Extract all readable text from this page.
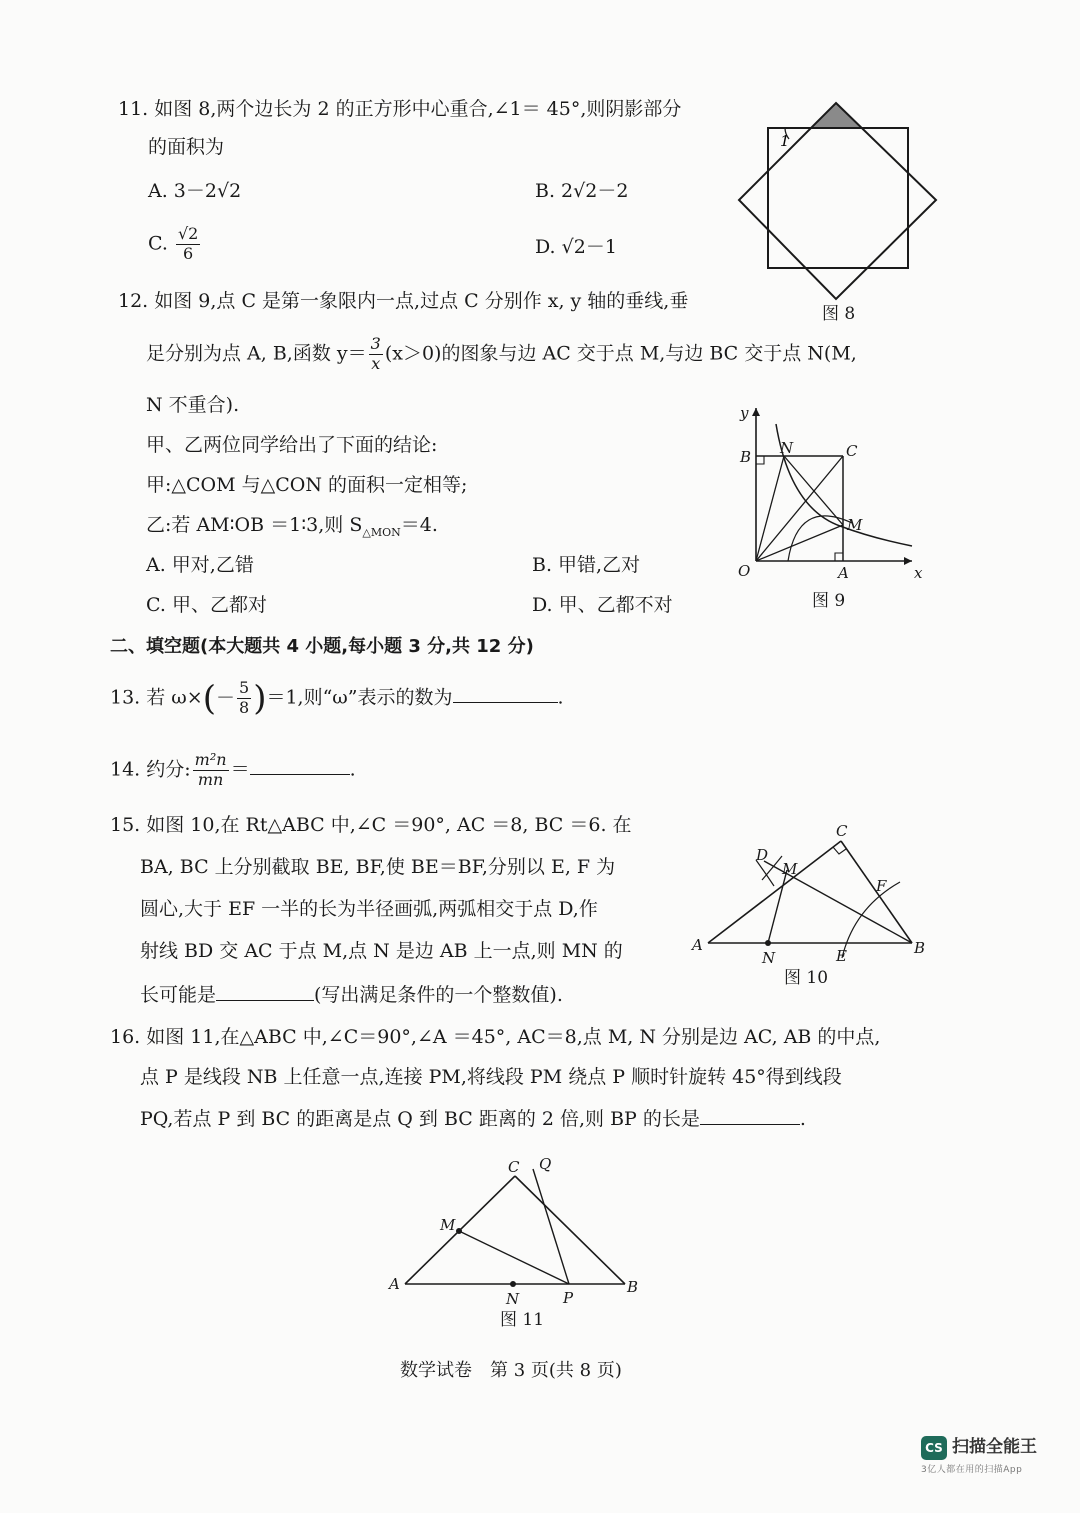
11. 如图 8,两个边长为 2 的正方形中心重合,∠1＝ 45°,则阴影部分
的面积为
A. 3－2√2	B. 2√2－2
C. $\frac{√2}{6}$	D. √2－1
1
图 8
12. 如图 9,点 C 是第一象限内一点,过点 C 分别作 x, y 轴的垂线,垂
足分别为点 A, B,函数 $y= \frac{3}{x} (x>0)$的图象与边 AC 交于点 M,与边 BC 交于点 N(M,
N 不重合).
甲、乙两位同学给出了下面的结论:
甲:△COM 与△CON 的面积一定相等;
乙:若 AM∶OB ＝1∶3,则 $S_{\triangle MON}=4$.
A. 甲对,乙错	B. 甲错,乙对
C. 甲、乙都对	D. 甲、乙都不对
y
x
O	A
B	C
M
N
图 9
二、填空题(本大题共 4 小题,每小题 3 分,共 12 分)
13. 若 $\omega\times(- \frac{5}{8} )=1$,则“ω”表示的数为	.
14. 约分: $\frac{\text{m²n}}{mn}$ ＝	.
15. 如图 10,在 Rt△ABC 中,∠C ＝90°, AC ＝8, BC ＝6. 在
BA, BC 上分别截取 BE, BF,使 BE＝BF,分别以 E, F 为
圆心,大于 EF 一半的长为半径画弧,两弧相交于点 D,作
射线 BD 交 AC 于点 M,点 N 是边 AB 上一点,则 MN 的
长可能是	(写出满足条件的一个整数值).
A	B
C
D
E
F
M
N
图 10
16. 如图 11,在△ABC 中,∠C＝90°,∠A ＝45°, AC＝8,点 M, N 分别是边 AC, AB 的中点,
点 P 是线段 NB 上任意一点,连接 PM,将线段 PM 绕点 P 顺时针旋转 45°得到线段
PQ,若点 P 到 BC 的距离是点 Q 到 BC 距离的 2 倍,则 BP 的长是	.
A	B
C
M
N	P
Q
图 11
数学试卷　第 3 页(共 8 页)
CS 扫描全能王
3亿人都在用的扫描App
